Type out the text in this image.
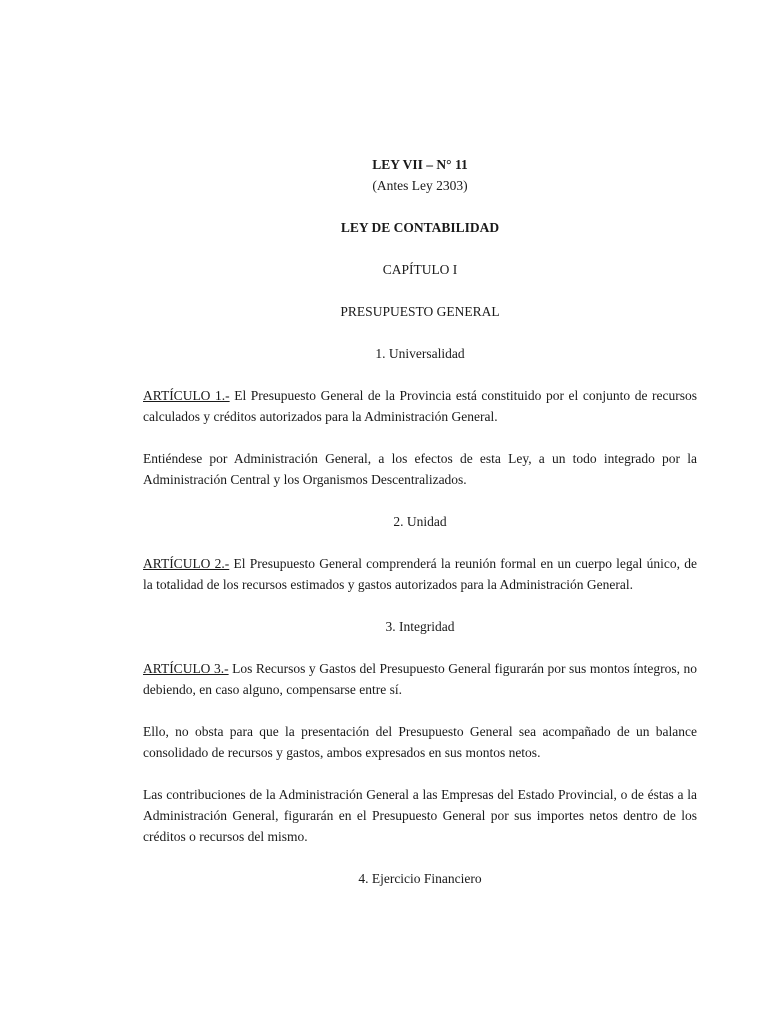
LEY VII – N° 11

(Antes Ley 2303)

LEY DE CONTABILIDAD

CAPÍTULO I

PRESUPUESTO GENERAL

1. Universalidad

ARTÍCULO 1.- El Presupuesto General de la Provincia está constituido por el conjunto de recursos calculados y créditos autorizados para la Administración General.

Entiéndese por Administración General, a los efectos de esta Ley, a un todo integrado por la Administración Central y los Organismos Descentralizados.

2. Unidad

ARTÍCULO 2.- El Presupuesto General comprenderá la reunión formal en un cuerpo legal único, de la totalidad de los recursos estimados y gastos autorizados para la Administración General.

3. Integridad

ARTÍCULO 3.- Los Recursos y Gastos del Presupuesto General figurarán por sus montos íntegros, no debiendo, en caso alguno, compensarse entre sí.

Ello, no obsta para que la presentación del Presupuesto General sea acompañado de un balance consolidado de recursos y gastos, ambos expresados en sus montos netos.

Las contribuciones de la Administración General a las Empresas del Estado Provincial, o de éstas a la Administración General, figurarán en el Presupuesto General por sus importes netos dentro de los créditos o recursos del mismo.

4. Ejercicio Financiero
